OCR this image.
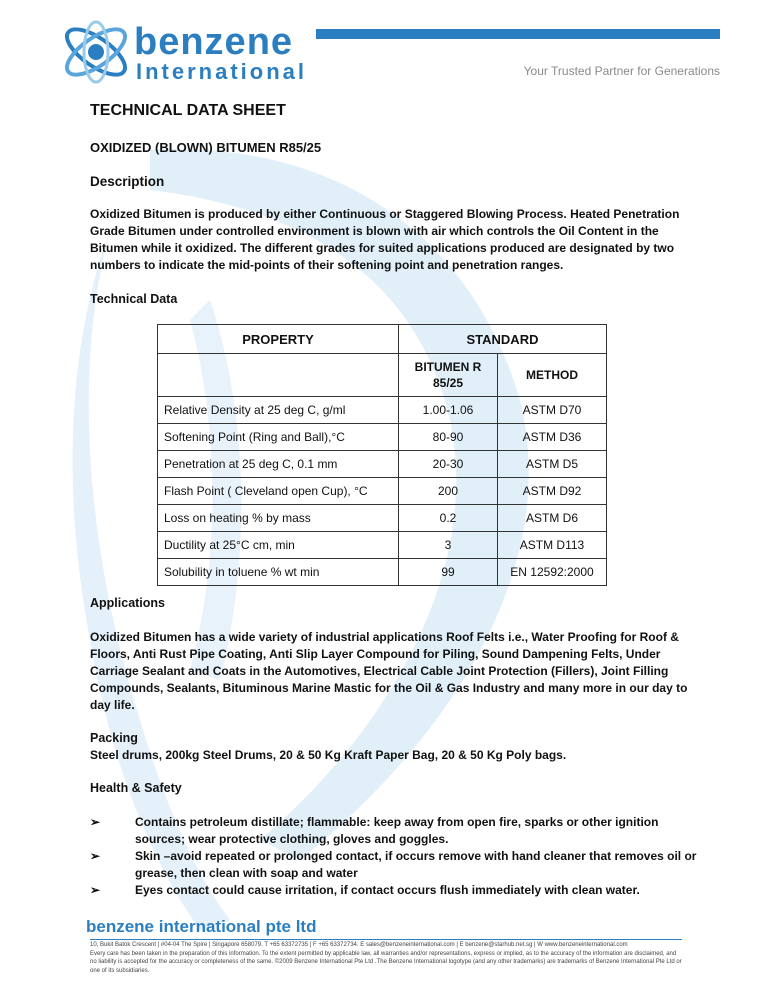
benzene
International	Your Trusted Partner for Generations
TECHNICAL DATA SHEET
OXIDIZED (BLOWN) BITUMEN R85/25
Description
Oxidized Bitumen is produced by either Continuous or Staggered Blowing Process. Heated Penetration Grade Bitumen under controlled environment is blown with air which controls the Oil Content in the Bitumen while it oxidized. The different grades for suited applications produced are designated by two numbers to indicate the mid-points of their softening point and penetration ranges.
Technical Data
PROPERTY	STANDARD	
	BITUMEN R 85/25	METHOD
Relative Density at 25 deg C, g/ml	1.00-1.06	ASTM D70
Softening Point (Ring and Ball),°C	80-90	ASTM D36
Penetration at 25 deg C, 0.1 mm	20-30	ASTM D5
Flash Point ( Cleveland open Cup), °C	200	ASTM D92
Loss on heating % by mass	0.2	ASTM D6
Ductility at 25°C cm, min	3	ASTM D113
Solubility in toluene % wt min	99	EN 12592:2000
Applications
Oxidized Bitumen has a wide variety of industrial applications Roof Felts i.e., Water Proofing for Roof & Floors, Anti Rust Pipe Coating, Anti Slip Layer Compound for Piling, Sound Dampening Felts, Under Carriage Sealant and Coats in the Automotives, Electrical Cable Joint Protection (Fillers), Joint Filling Compounds, Sealants, Bituminous Marine Mastic for the Oil & Gas Industry and many more in our day to day life.
Packing
Steel drums, 200kg Steel Drums, 20 & 50 Kg Kraft Paper Bag, 20 & 50 Kg Poly bags.
Health & Safety
➢	Contains petroleum distillate; flammable: keep away from open fire, sparks or other ignition sources; wear protective clothing, gloves and goggles.
➢	Skin –avoid repeated or prolonged contact, if occurs remove with hand cleaner that removes oil or grease, then clean with soap and water
➢	Eyes contact could cause irritation, if contact occurs flush immediately with clean water.
benzene international pte ltd
10, Bukit Batok Crescent | #04-04 The Spire | Singapore 658079. T +65 63372735 | F +65 63372734. E sales@benzeneinternational.com | E benzene@starhub.net.sg | W www.benzeneinternational.com
Every care has been taken in the preparation of this information. To the extent permitted by applicable law, all warranties and/or representations, express or implied, as to the accuracy of the information are disclaimed, and no liability is accepted for the accuracy or completeness of the same. ©2009 Benzene International Pte Ltd .The Benzene International logotype (and any other trademarks) are trademarks of Benzene International Pte Ltd or one of its subsidiaries.
